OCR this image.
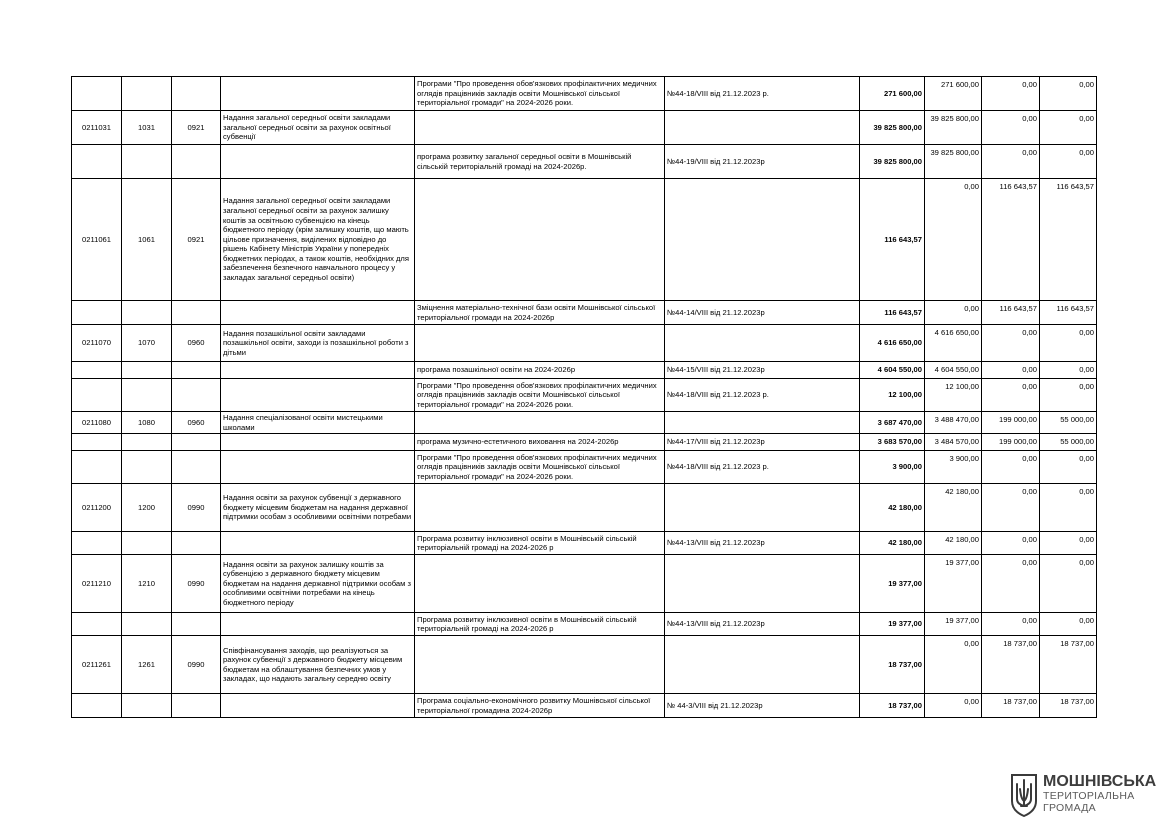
				Програми "Про проведення обов'язкових профілактичних медичних оглядів працівників закладів освіти Мошнівської сільської територіальної громади" на 2024-2026 роки.	№44-18/VIII від 21.12.2023 р.	271 600,00	271 600,00	0,00	0,00
0211031	1031	0921	Надання загальної середньої освіти закладами загальної середньої освіти за рахунок освітньої субвенції			39 825 800,00	39 825 800,00	0,00	0,00
				програма розвитку загальної середньої освіти в Мошнівській сільській територіальній громаді на 2024-2026р.	№44-19/VIII від 21.12.2023р	39 825 800,00	39 825 800,00	0,00	0,00
0211061	1061	0921	Надання загальної середньої освіти закладами загальної середньої освіти за рахунок залишку коштів за освітньою субвенцією на кінець бюджетного періоду (крім залишку коштів, що мають цільове призначення, виділених відповідно до рішень Кабінету Міністрів України у попередніх бюджетних періодах, а також коштів, необхідних для забезпечення безпечного навчального процесу у закладах загальної середньої освіти)			116 643,57	0,00	116 643,57	116 643,57
				Зміцнення матеріально-технічної бази освіти Мошнівської сільської територіальної громади на 2024-2026р	№44-14/VIII від 21.12.2023р	116 643,57	0,00	116 643,57	116 643,57
0211070	1070	0960	Надання позашкільної освіти закладами позашкільної освіти, заходи із позашкільної роботи з дітьми			4 616 650,00	4 616 650,00	0,00	0,00
				програма позашкільної освіти на 2024-2026р	№44-15/VIII від 21.12.2023р	4 604 550,00	4 604 550,00	0,00	0,00
				Програми "Про проведення обов'язкових профілактичних медичних оглядів працівників закладів освіти Мошнівської сільської територіальної громади" на 2024-2026 роки.	№44-18/VIII від 21.12.2023 р.	12 100,00	12 100,00	0,00	0,00
0211080	1080	0960	Надання спеціалізованої освіти мистецькими школами			3 687 470,00	3 488 470,00	199 000,00	55 000,00
				програма музично-естетичного виховання на 2024-2026р	№44-17/VIII від 21.12.2023р	3 683 570,00	3 484 570,00	199 000,00	55 000,00
				Програми "Про проведення обов'язкових профілактичних медичних оглядів працівників закладів освіти Мошнівської сільської територіальної громади" на 2024-2026 роки.	№44-18/VIII від 21.12.2023 р.	3 900,00	3 900,00	0,00	0,00
0211200	1200	0990	Надання освіти за рахунок субвенції з державного бюджету місцевим бюджетам на надання державної підтримки особам з особливими освітніми потребами			42 180,00	42 180,00	0,00	0,00
				Програма розвитку інклюзивної освіти в Мошнівській сільській територіальній громаді на 2024-2026 р	№44-13/VIII від 21.12.2023р	42 180,00	42 180,00	0,00	0,00
0211210	1210	0990	Надання освіти за рахунок залишку коштів за субвенцією з державного бюджету місцевим бюджетам на надання державної підтримки особам з особливими освітніми потребами на кінець бюджетного періоду			19 377,00	19 377,00	0,00	0,00
				Програма розвитку інклюзивної освіти в Мошнівській сільській територіальній громаді на 2024-2026 р	№44-13/VIII від 21.12.2023р	19 377,00	19 377,00	0,00	0,00
0211261	1261	0990	Співфінансування заходів, що реалізуються за рахунок субвенції з державного бюджету місцевим бюджетам на облаштування безпечних умов у закладах, що надають загальну середню освіту			18 737,00	0,00	18 737,00	18 737,00
				Програма соціально-економічного розвитку Мошнівської сільської територіальної громадина 2024-2026р	№ 44-3/VIII від 21.12.2023р	18 737,00	0,00	18 737,00	18 737,00
МОШНІВСЬКА
ТЕРИТОРІАЛЬНА
ГРОМАДА
